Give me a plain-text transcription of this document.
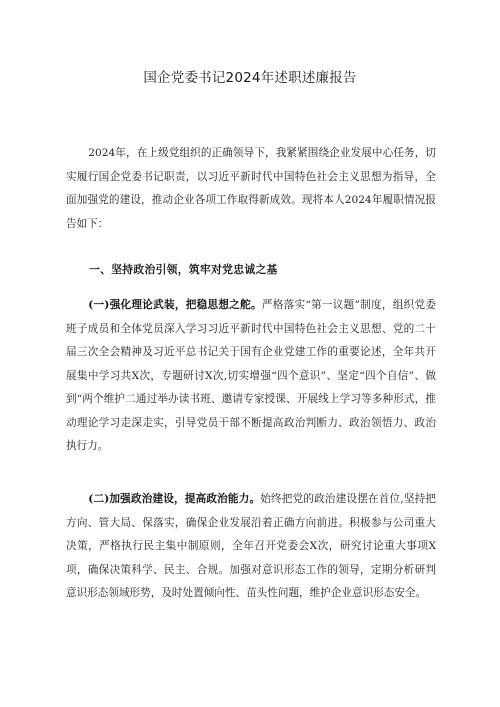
国企党委书记2024年述职述廉报告

2024年，在上级党组织的正确领导下，我紧紧围绕企业发展中心任务，切实履行国企党委书记职责，以习近平新时代中国特色社会主义思想为指导，全面加强党的建设，推动企业各项工作取得新成效。现将本人2024年履职情况报告如下：

一、坚持政治引领，筑牢对党忠诚之基

(一)强化理论武装，把稳思想之舵。严格落实“第一议题”制度，组织党委班子成员和全体党员深入学习习近平新时代中国特色社会主义思想、党的二十届三次全会精神及习近平总书记关于国有企业党建工作的重要论述，全年共开展集中学习共X次，专题研讨X次,切实增强“四个意识”、坚定“四个自信”、做到“两个维护二通过举办读书班、邀请专家授课、开展线上学习等多种形式，推动理论学习走深走实，引导党员干部不断提高政治判断力、政治领悟力、政治执行力。

(二)加强政治建设，提高政治能力。始终把党的政治建设摆在首位,坚持把方向、管大局、保落实，确保企业发展沿着正确方向前进。积极参与公司重大决策，严格执行民主集中制原则，全年召开党委会X次，研究讨论重大事项X项，确保决策科学、民主、合规。加强对意识形态工作的领导，定期分析研判意识形态领域形势，及时处置倾向性、苗头性问题，维护企业意识形态安全。
